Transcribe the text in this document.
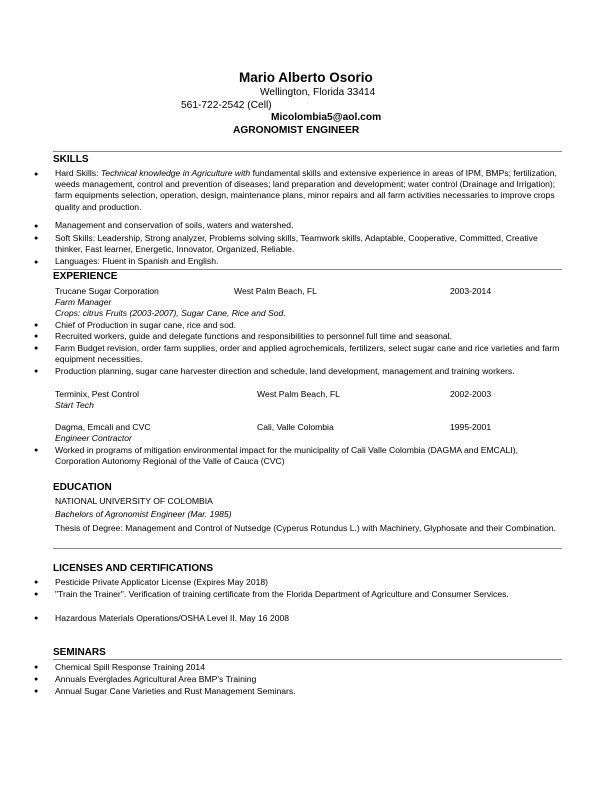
Mario Alberto Osorio
Wellington, Florida 33414
561-722-2542 (Cell)
Micolombia5@aol.com
AGRONOMIST ENGINEER
SKILLS
● Hard Skills: Technical knowledge in Agriculture with fundamental skills and extensive experience in areas of IPM, BMPs; fertilization, weeds management, control and prevention of diseases; land preparation and development; water control (Drainage and Irrigation); farm equipments selection, operation, design, maintenance plans, minor repairs and all farm activities necessaries to improve crops quality and production.
● Management and conservation of soils, waters and watershed.
● Soft Skills: Leadership, Strong analyzer, Problems solving skills, Teamwork skills, Adaptable, Cooperative, Committed, Creative thinker, Fast learner, Energetic, Innovator, Organized, Reliable.
● Languages: Fluent in Spanish and English.
EXPERIENCE
Trucane Sugar Corporation	West Palm Beach, FL	2003-2014
Farm Manager
Crops: citrus Fruits (2003-2007), Sugar Cane, Rice and Sod.
● Chief of Production in sugar cane, rice and sod.
● Recruited workers, guide and delegate functions and responsibilities to personnel full time and seasonal.
● Farm Budget revision, order farm supplies, order and applied agrochemicals, fertilizers, select sugar cane and rice varieties and farm equipment necessities.
● Production planning, sugar cane harvester direction and schedule, land development, management and training workers.
Terminix, Pest Control	West Palm Beach, FL	2002-2003
Start Tech
Dagma, Emcali and CVC	Cali, Valle Colombia	1995-2001
Engineer Contractor
● Worked in programs of mitigation environmental impact for the municipality of Cali Valle Colombia (DAGMA and EMCALI), Corporation Autonomy Regional of the Valle of Cauca (CVC)
EDUCATION
NATIONAL UNIVERSITY OF COLOMBIA
Bachelors of Agronomist Engineer (Mar. 1985)
Thesis of Degree: Management and Control of Nutsedge (Cyperus Rotundus L.) with Machinery, Glyphosate and their Combination.
LICENSES AND CERTIFICATIONS
● Pesticide Private Applicator License (Expires May 2018)
● "Train the Trainer". Verification of training certificate from the Florida Department of Agriculture and Consumer Services.
● Hazardous Materials Operations/OSHA Level II. May 16 2008
SEMINARS
● Chemical Spill Response Training 2014
● Annuals Everglades Agricultural Area BMP's Training
● Annual Sugar Cane Varieties and Rust Management Seminars.
